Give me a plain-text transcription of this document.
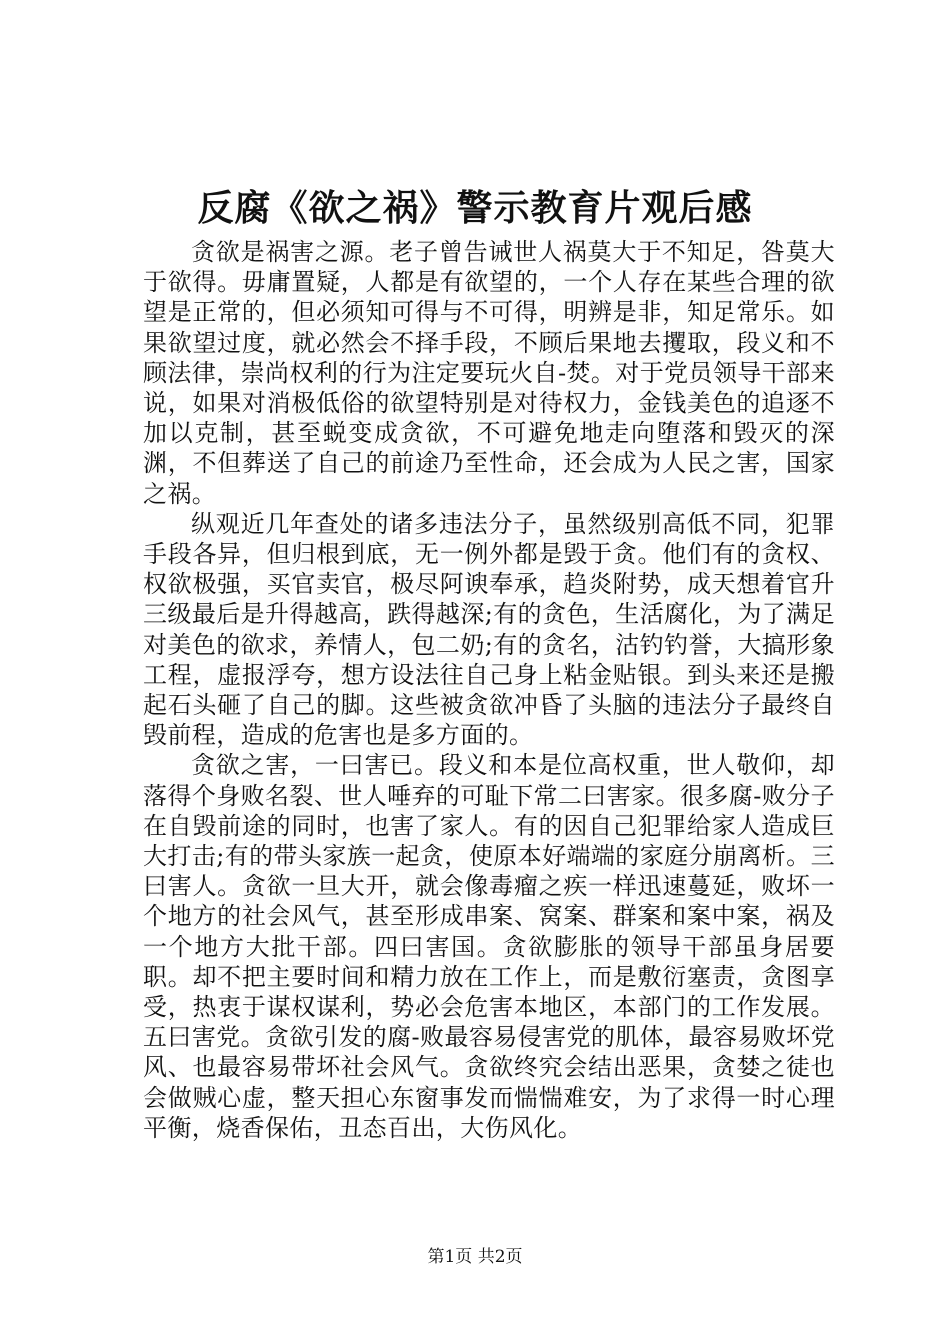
反腐《欲之祸》警示教育片观后感

贪欲是祸害之源。老子曾告诫世人祸莫大于不知足，咎莫大于欲得。毋庸置疑，人都是有欲望的，一个人存在某些合理的欲望是正常的，但必须知可得与不可得，明辨是非，知足常乐。如果欲望过度，就必然会不择手段，不顾后果地去攫取，段义和不顾法律，崇尚权利的行为注定要玩火自-焚。对于党员领导干部来说，如果对消极低俗的欲望特别是对待权力，金钱美色的追逐不加以克制，甚至蜕变成贪欲，不可避免地走向堕落和毁灭的深渊，不但葬送了自己的前途乃至性命，还会成为人民之害，国家之祸。

纵观近几年查处的诸多违法分子，虽然级别高低不同，犯罪手段各异，但归根到底，无一例外都是毁于贪。他们有的贪权、权欲极强，买官卖官，极尽阿谀奉承，趋炎附势，成天想着官升三级最后是升得越高，跌得越深;有的贪色，生活腐化，为了满足对美色的欲求，养情人，包二奶;有的贪名，沽钓钓誉，大搞形象工程，虚报浮夸，想方设法往自己身上粘金贴银。到头来还是搬起石头砸了自己的脚。这些被贪欲冲昏了头脑的违法分子最终自毁前程，造成的危害也是多方面的。

贪欲之害，一曰害已。段义和本是位高权重，世人敬仰，却落得个身败名裂、世人唾弃的可耻下常二曰害家。很多腐-败分子在自毁前途的同时，也害了家人。有的因自己犯罪给家人造成巨大打击;有的带头家族一起贪，使原本好端端的家庭分崩离析。三曰害人。贪欲一旦大开，就会像毒瘤之疾一样迅速蔓延，败坏一个地方的社会风气，甚至形成串案、窝案、群案和案中案，祸及一个地方大批干部。四曰害国。贪欲膨胀的领导干部虽身居要职。却不把主要时间和精力放在工作上，而是敷衍塞责，贪图享受，热衷于谋权谋利，势必会危害本地区，本部门的工作发展。五曰害党。贪欲引发的腐-败最容易侵害党的肌体，最容易败坏党风、也最容易带坏社会风气。贪欲终究会结出恶果，贪婪之徒也会做贼心虚，整天担心东窗事发而惴惴难安，为了求得一时心理平衡，烧香保佑，丑态百出，大伤风化。

第1页 共2页
